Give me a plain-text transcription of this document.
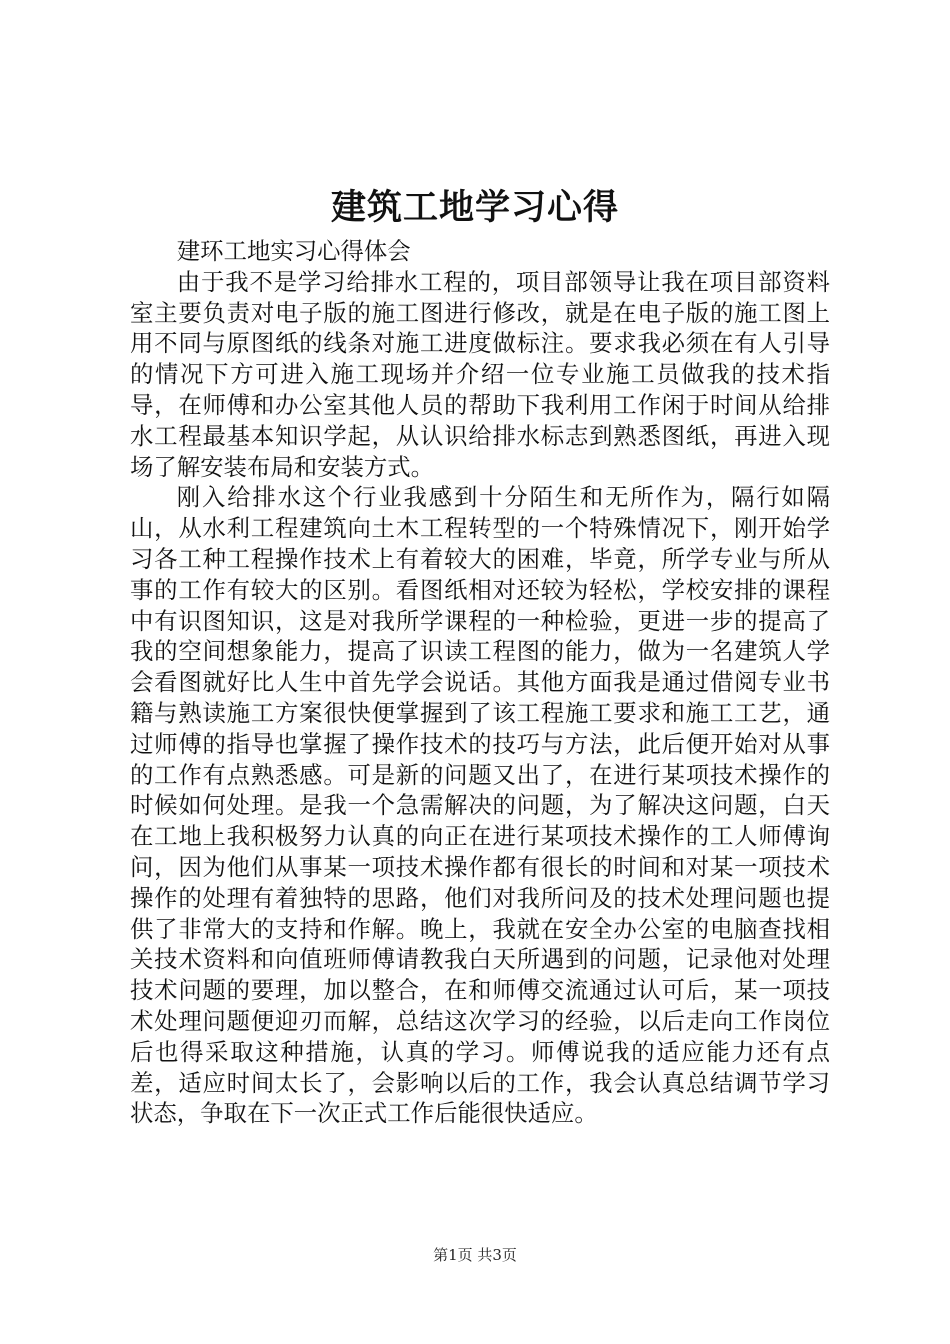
建筑工地学习心得

建环工地实习心得体会

由于我不是学习给排水工程的，项目部领导让我在项目部资料室主要负责对电子版的施工图进行修改，就是在电子版的施工图上用不同与原图纸的线条对施工进度做标注。要求我必须在有人引导的情况下方可进入施工现场并介绍一位专业施工员做我的技术指导，在师傅和办公室其他人员的帮助下我利用工作闲于时间从给排水工程最基本知识学起，从认识给排水标志到熟悉图纸，再进入现场了解安装布局和安装方式。

刚入给排水这个行业我感到十分陌生和无所作为，隔行如隔山，从水利工程建筑向土木工程转型的一个特殊情况下，刚开始学习各工种工程操作技术上有着较大的困难，毕竟，所学专业与所从事的工作有较大的区别。看图纸相对还较为轻松，学校安排的课程中有识图知识，这是对我所学课程的一种检验，更进一步的提高了我的空间想象能力，提高了识读工程图的能力，做为一名建筑人学会看图就好比人生中首先学会说话。其他方面我是通过借阅专业书籍与熟读施工方案很快便掌握到了该工程施工要求和施工工艺，通过师傅的指导也掌握了操作技术的技巧与方法，此后便开始对从事的工作有点熟悉感。可是新的问题又出了，在进行某项技术操作的时候如何处理。是我一个急需解决的问题，为了解决这问题，白天在工地上我积极努力认真的向正在进行某项技术操作的工人师傅询问，因为他们从事某一项技术操作都有很长的时间和对某一项技术操作的处理有着独特的思路，他们对我所问及的技术处理问题也提供了非常大的支持和作解。晚上，我就在安全办公室的电脑查找相关技术资料和向值班师傅请教我白天所遇到的问题，记录他对处理技术问题的要理，加以整合，在和师傅交流通过认可后，某一项技术处理问题便迎刃而解，总结这次学习的经验，以后走向工作岗位后也得采取这种措施，认真的学习。师傅说我的适应能力还有点差，适应时间太长了，会影响以后的工作，我会认真总结调节学习状态，争取在下一次正式工作后能很快适应。

第1页 共3页
